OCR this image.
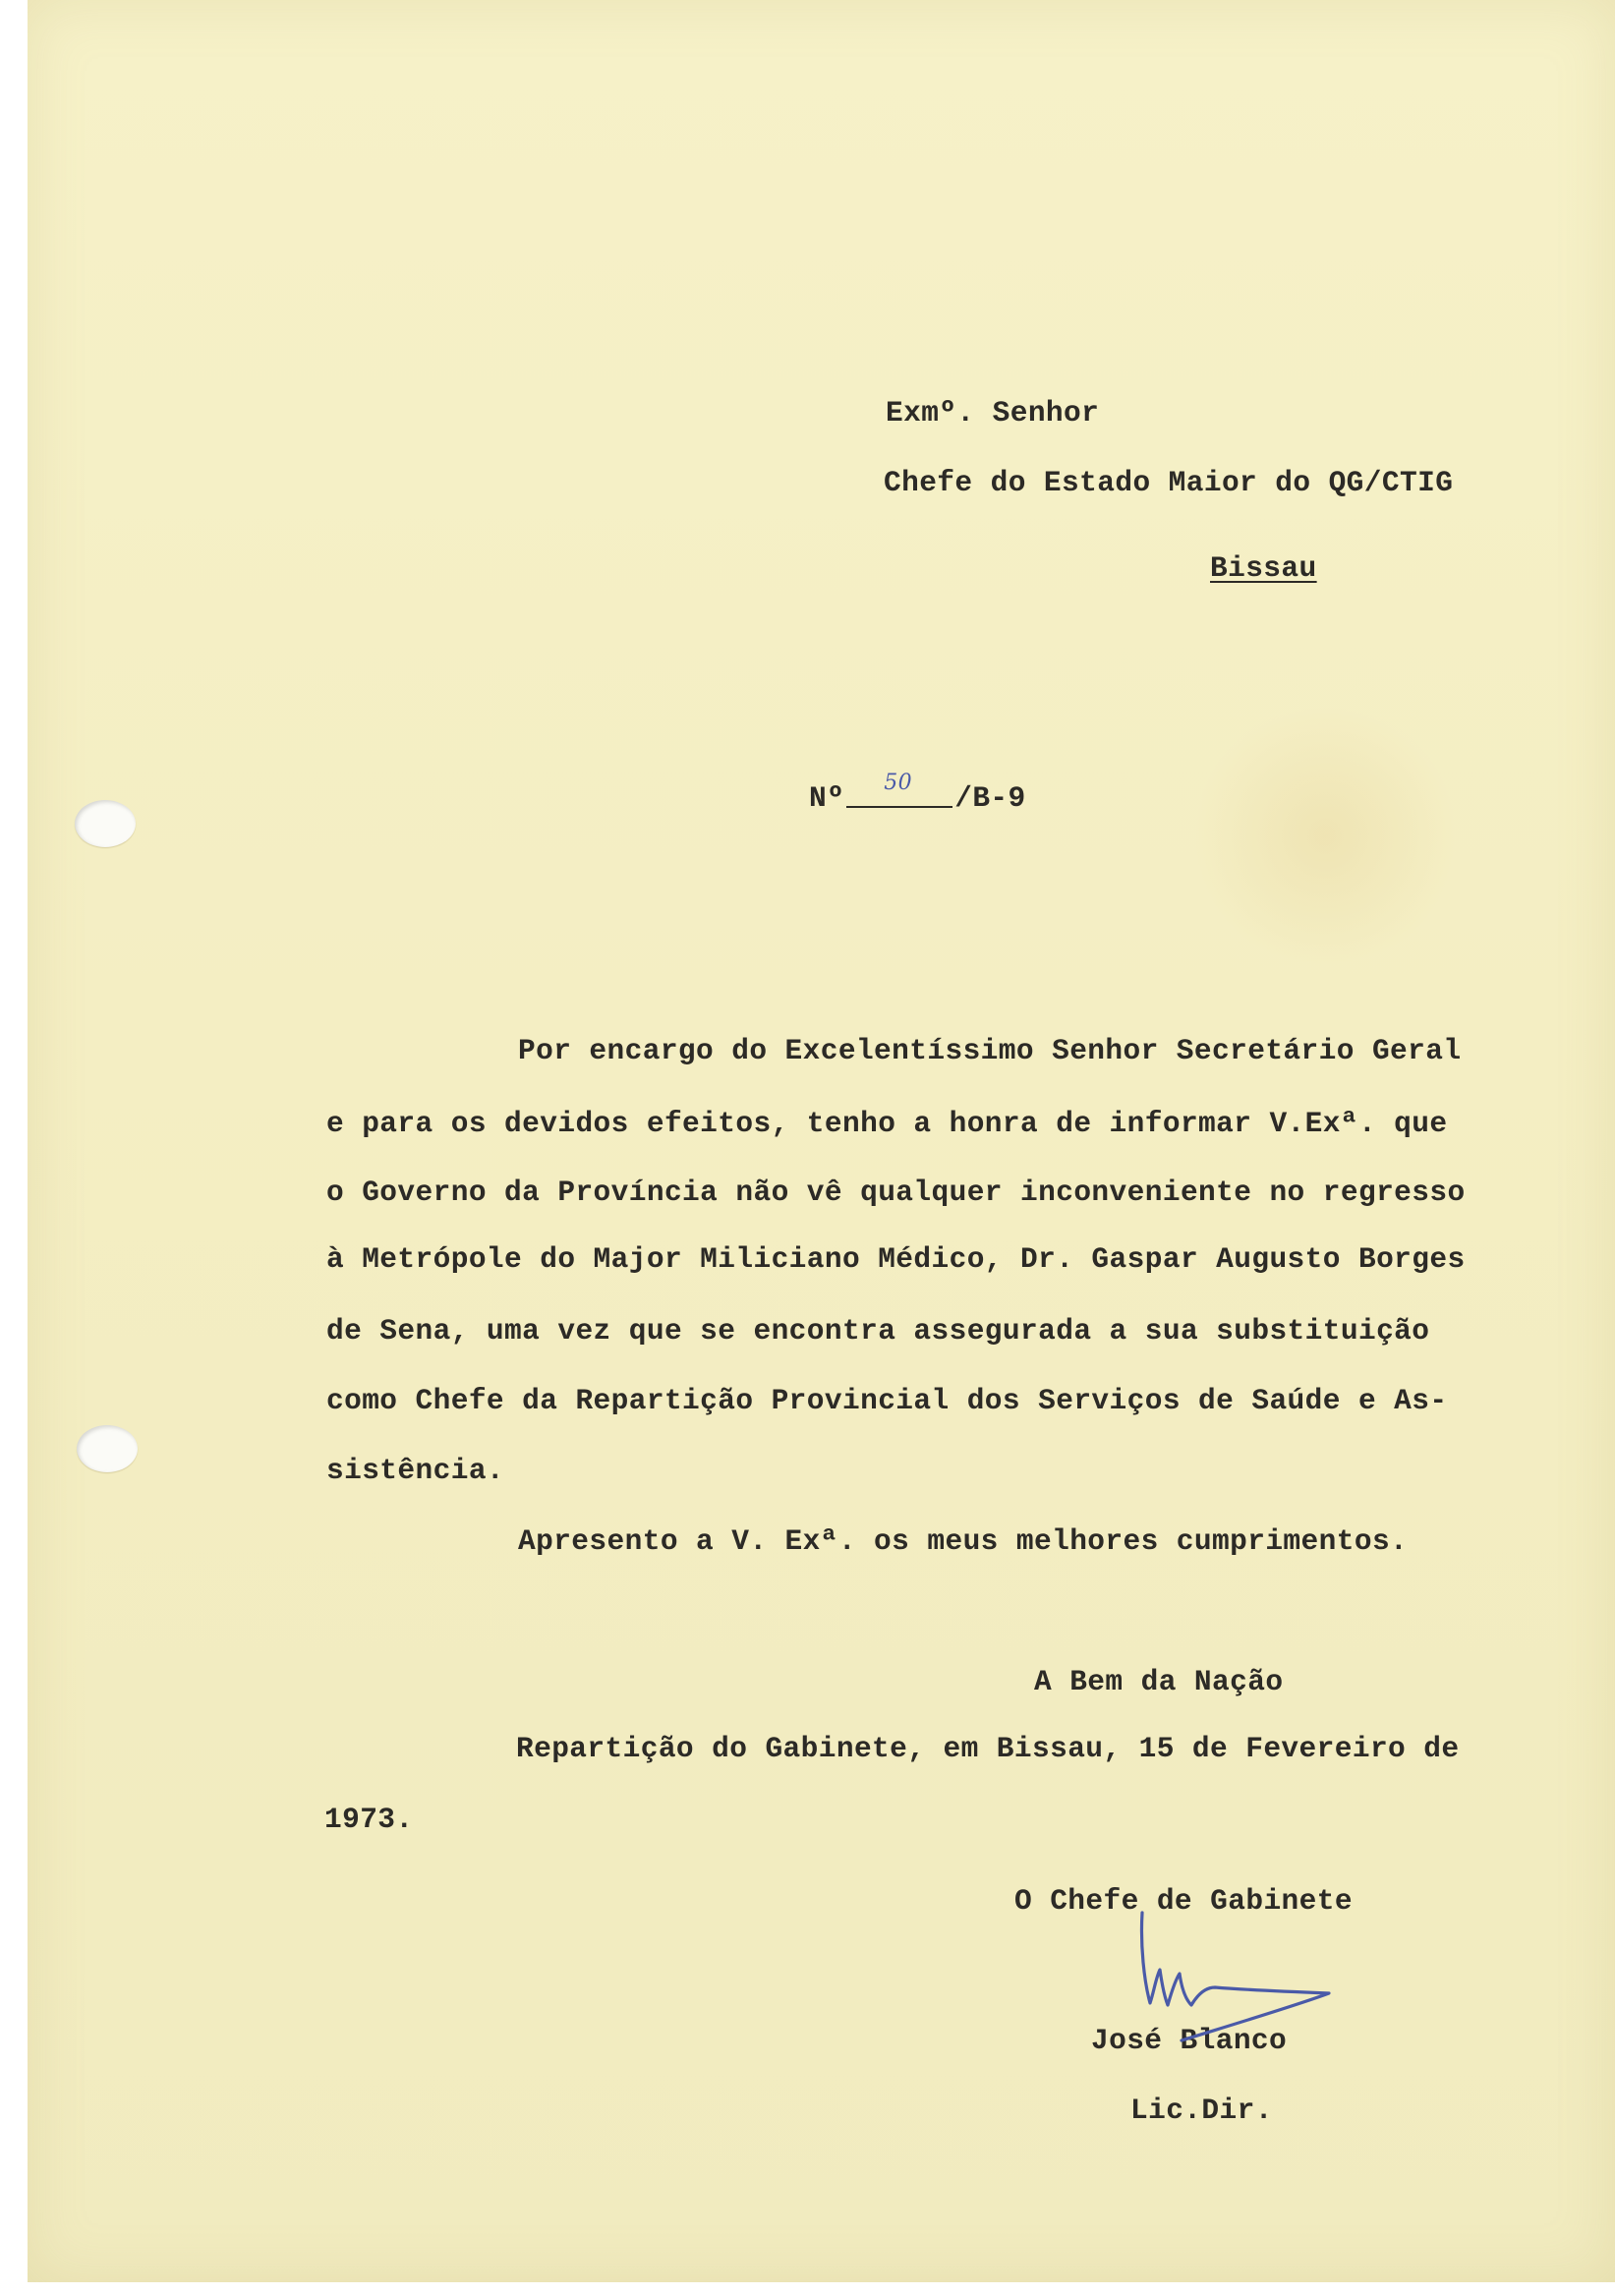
Exmº. Senhor

Chefe do Estado Maior do QG/CTIG

Bissau

Nº 50 /B-9

Por encargo do Excelentíssimo Senhor Secretário Geral

e para os devidos efeitos, tenho a honra de informar V.Exª. que

o Governo da Província não vê qualquer inconveniente no regresso

à Metrópole do Major Miliciano Médico, Dr. Gaspar Augusto Borges

de Sena, uma vez que se encontra assegurada a sua substituição

como Chefe da Repartição Provincial dos Serviços de Saúde e As-

sistência.

Apresento a V. Exª. os meus melhores cumprimentos.

A Bem da Nação

Repartição do Gabinete, em Bissau, 15 de Fevereiro de

1973.

O Chefe de Gabinete

José Blanco

Lic.Dir.
